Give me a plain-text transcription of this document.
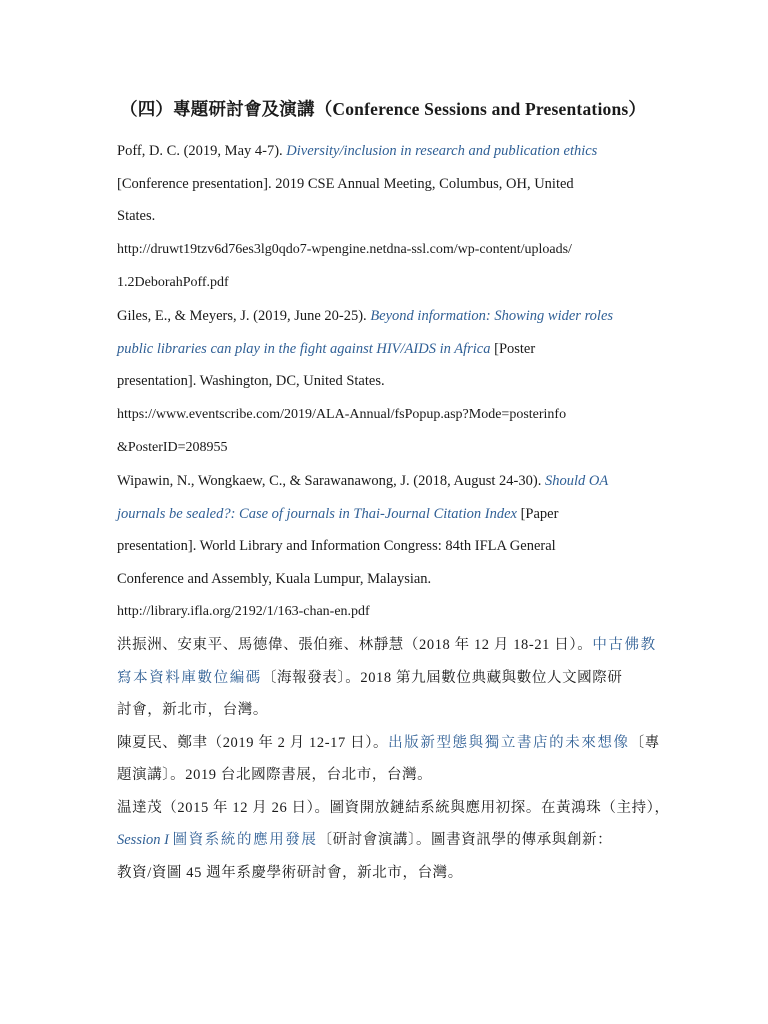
（四）專題研討會及演講（Conference Sessions and Presentations）

Poff, D. C. (2019, May 4-7). Diversity/inclusion in research and publication ethics
[Conference presentation]. 2019 CSE Annual Meeting, Columbus, OH, United
States.
http://druwt19tzv6d76es3lg0qdo7-wpengine.netdna-ssl.com/wp-content/uploads/
1.2DeborahPoff.pdf

Giles, E., & Meyers, J. (2019, June 20-25). Beyond information: Showing wider roles
public libraries can play in the fight against HIV/AIDS in Africa [Poster
presentation]. Washington, DC, United States.
https://www.eventscribe.com/2019/ALA-Annual/fsPopup.asp?Mode=posterinfo
&PosterID=208955

Wipawin, N., Wongkaew, C., & Sarawanawong, J. (2018, August 24-30). Should OA
journals be sealed?: Case of journals in Thai-Journal Citation Index [Paper
presentation]. World Library and Information Congress: 84th IFLA General
Conference and Assembly, Kuala Lumpur, Malaysian.
http://library.ifla.org/2192/1/163-chan-en.pdf

洪振洲、安東平、馬德偉、張伯雍、林靜慧（2018 年 12 月 18-21 日）。中古佛教
寫本資料庫數位編碼〔海報發表〕。2018 第九屆數位典藏與數位人文國際研
討會，新北市，台灣。

陳夏民、鄭聿（2019 年 2 月 12-17 日）。出版新型態與獨立書店的未來想像〔專
題演講〕。2019 台北國際書展，台北市，台灣。

温達茂（2015 年 12 月 26 日）。圖資開放鏈結系統與應用初探。在黃鴻珠（主持），
Session I 圖資系統的應用發展〔研討會演講〕。圖書資訊學的傳承與創新：
教資/資圖 45 週年系慶學術研討會，新北市，台灣。
